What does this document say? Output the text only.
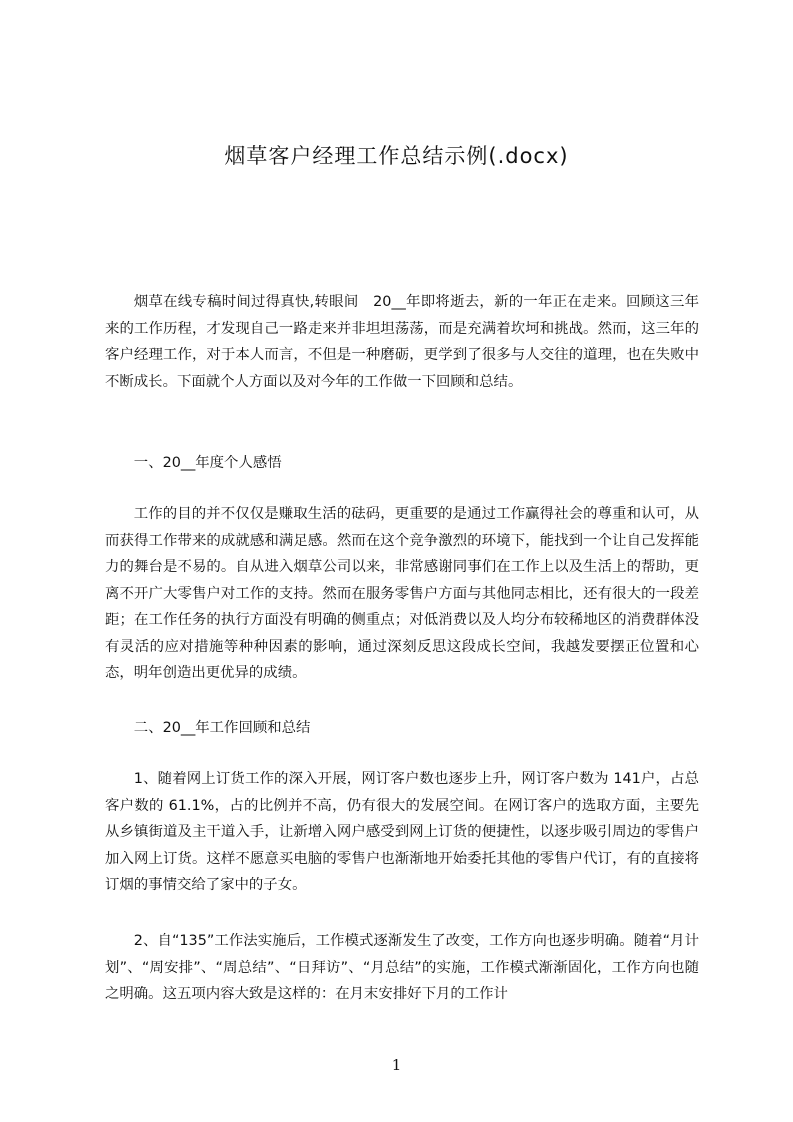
烟草客户经理工作总结示例(.docx)

烟草在线专稿时间过得真快,转眼间　20__年即将逝去，新的一年正在走来。回顾这三年来的工作历程，才发现自己一路走来并非坦坦荡荡，而是充满着坎坷和挑战。然而，这三年的客户经理工作，对于本人而言，不但是一种磨砺，更学到了很多与人交往的道理，也在失败中不断成长。下面就个人方面以及对今年的工作做一下回顾和总结。

一、20__年度个人感悟

工作的目的并不仅仅是赚取生活的砝码，更重要的是通过工作赢得社会的尊重和认可，从而获得工作带来的成就感和满足感。然而在这个竞争激烈的环境下，能找到一个让自己发挥能力的舞台是不易的。自从进入烟草公司以来，非常感谢同事们在工作上以及生活上的帮助，更离不开广大零售户对工作的支持。然而在服务零售户方面与其他同志相比，还有很大的一段差距；在工作任务的执行方面没有明确的侧重点；对低消费以及人均分布较稀地区的消费群体没有灵活的应对措施等种种因素的影响，通过深刻反思这段成长空间，我越发要摆正位置和心态，明年创造出更优异的成绩。

二、20__年工作回顾和总结

1、随着网上订货工作的深入开展，网订客户数也逐步上升，网订客户数为 141户，占总客户数的 61.1%，占的比例并不高，仍有很大的发展空间。在网订客户的选取方面，主要先从乡镇街道及主干道入手，让新增入网户感受到网上订货的便捷性，以逐步吸引周边的零售户加入网上订货。这样不愿意买电脑的零售户也渐渐地开始委托其他的零售户代订，有的直接将订烟的事情交给了家中的子女。

2、自“135”工作法实施后，工作模式逐渐发生了改变，工作方向也逐步明确。随着“月计划”、“周安排”、“周总结”、“日拜访”、“月总结”的实施，工作模式渐渐固化，工作方向也随之明确。这五项内容大致是这样的：在月末安排好下月的工作计

1
